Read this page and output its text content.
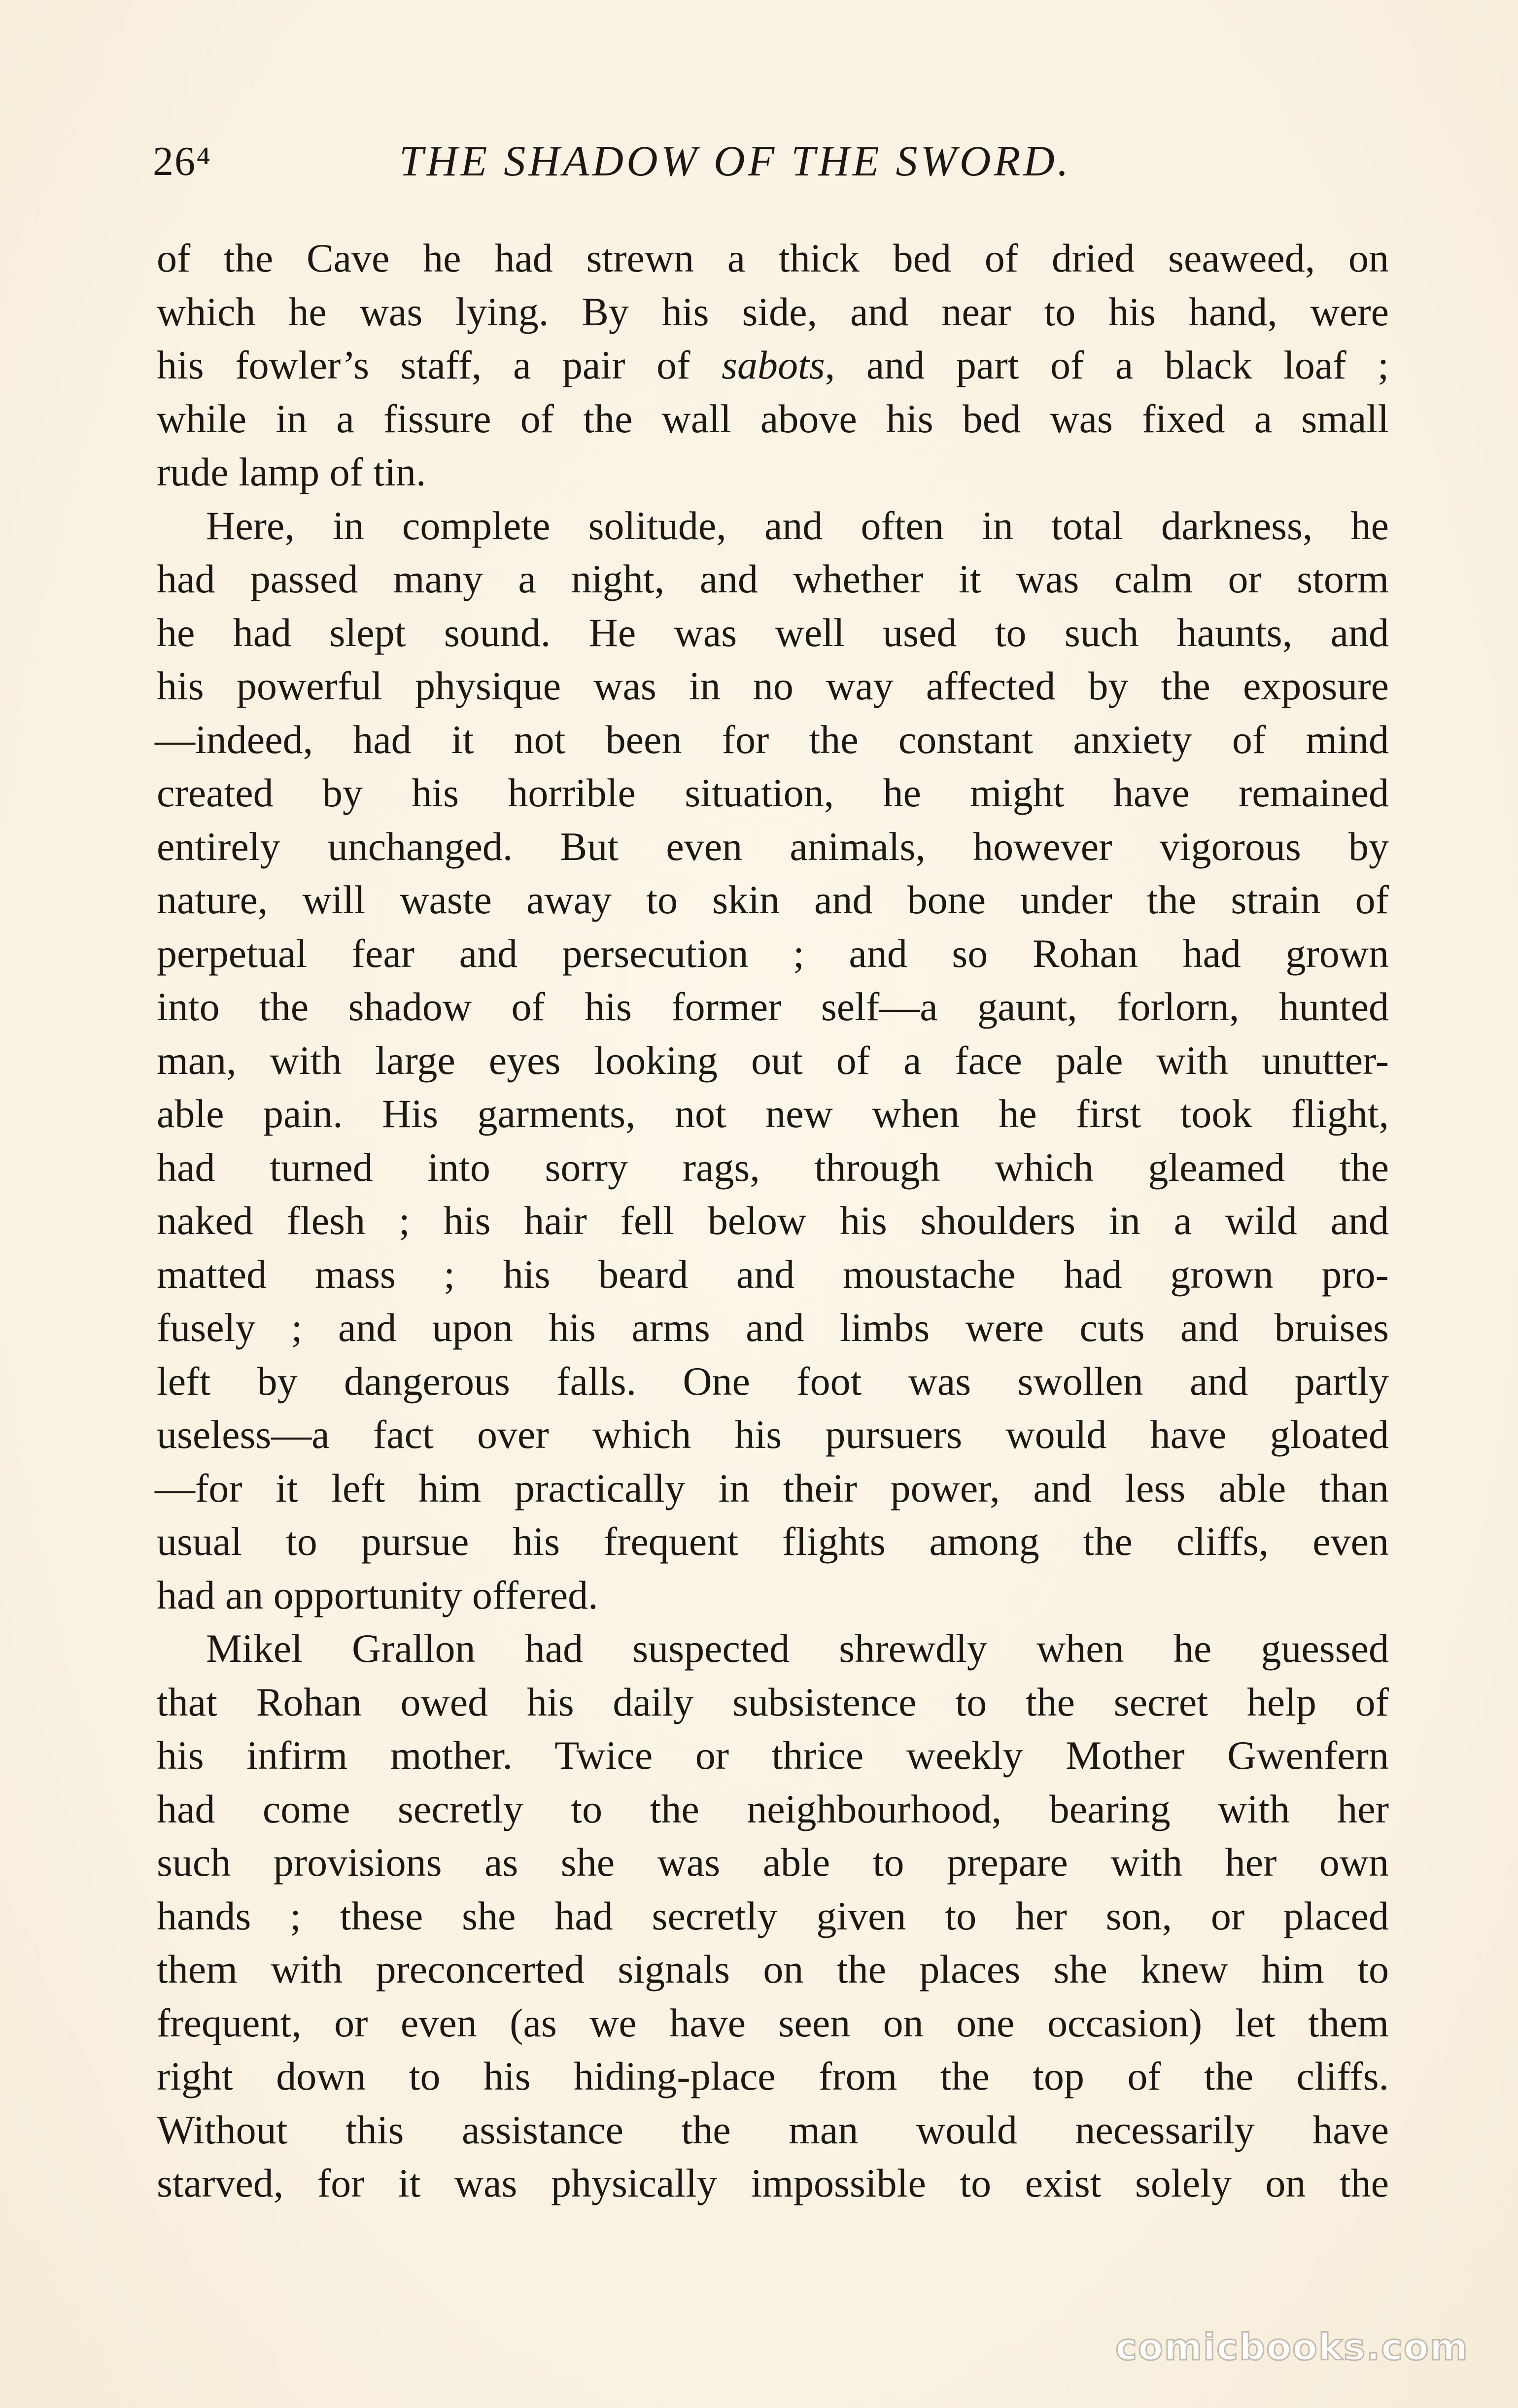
26⁴	THE SHADOW OF THE SWORD.
of the Cave he had strewn a thick bed of dried seaweed, on
which he was lying. By his side, and near to his hand, were
his fowler’s staff, a pair of sabots, and part of a black loaf ;
while in a fissure of the wall above his bed was fixed a small
rude lamp of tin.
Here, in complete solitude, and often in total darkness, he
had passed many a night, and whether it was calm or storm
he had slept sound. He was well used to such haunts, and
his powerful physique was in no way affected by the exposure
—indeed, had it not been for the constant anxiety of mind
created by his horrible situation, he might have remained
entirely unchanged. But even animals, however vigorous by
nature, will waste away to skin and bone under the strain of
perpetual fear and persecution ; and so Rohan had grown
into the shadow of his former self—a gaunt, forlorn, hunted
man, with large eyes looking out of a face pale with unutter-
able pain. His garments, not new when he first took flight,
had turned into sorry rags, through which gleamed the
naked flesh ; his hair fell below his shoulders in a wild and
matted mass ; his beard and moustache had grown pro-
fusely ; and upon his arms and limbs were cuts and bruises
left by dangerous falls. One foot was swollen and partly
useless—a fact over which his pursuers would have gloated
—for it left him practically in their power, and less able than
usual to pursue his frequent flights among the cliffs, even
had an opportunity offered.
Mikel Grallon had suspected shrewdly when he guessed
that Rohan owed his daily subsistence to the secret help of
his infirm mother. Twice or thrice weekly Mother Gwenfern
had come secretly to the neighbourhood, bearing with her
such provisions as she was able to prepare with her own
hands ; these she had secretly given to her son, or placed
them with preconcerted signals on the places she knew him to
frequent, or even (as we have seen on one occasion) let them
right down to his hiding-place from the top of the cliffs.
Without this assistance the man would necessarily have
starved, for it was physically impossible to exist solely on the
comicbooks.com
